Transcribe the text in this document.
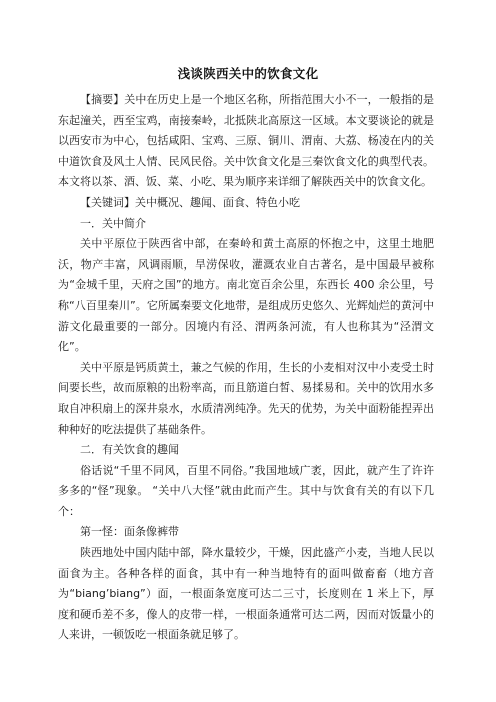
浅谈陕西关中的饮食文化

【摘要】关中在历史上是一个地区名称，所指范围大小不一，一般指的是东起潼关，西至宝鸡，南接秦岭，北抵陕北高原这一区域。本文要谈论的就是以西安市为中心，包括咸阳、宝鸡、三原、铜川、渭南、大荔、杨凌在内的关中道饮食及风土人情、民风民俗。关中饮食文化是三秦饮食文化的典型代表。本文将以茶、酒、饭、菜、小吃、果为顺序来详细了解陕西关中的饮食文化。

【关键词】关中概况、趣闻、面食、特色小吃

一．关中简介

关中平原位于陕西省中部，在秦岭和黄土高原的怀抱之中，这里土地肥沃，物产丰富，风调雨顺，旱涝保收，灌溉农业自古著名，是中国最早被称为“金城千里，天府之国”的地方。南北宽百余公里，东西长 400 余公里，号称“八百里秦川”。它所属秦要文化地带，是组成历史悠久、光辉灿烂的黄河中游文化最重要的一部分。因境内有泾、渭两条河流，有人也称其为“泾渭文化”。

关中平原是钙质黄土，兼之气候的作用，生长的小麦相对汉中小麦受土时间要长些，故而原粮的出粉率高，而且筋道白皙、易揉易和。关中的饮用水多取自冲积扇上的深井泉水，水质清冽纯净。先天的优势，为关中面粉能捏弄出种种好的吃法提供了基础条件。

二．有关饮食的趣闻

俗话说“千里不同风，百里不同俗。”我国地域广袤，因此，就产生了许许多多的“怪”现象。 “关中八大怪”就由此而产生。其中与饮食有关的有以下几个：

第一怪：面条像裤带

陕西地处中国内陆中部，降水量较少，干燥，因此盛产小麦，当地人民以面食为主。各种各样的面食，其中有一种当地特有的面叫做畜畜（地方音为“biang’biang”）面，一根面条宽度可达二三寸，长度则在 1 米上下，厚度和硬币差不多，像人的皮带一样，一根面条通常可达二两，因而对饭量小的人来讲，一顿饭吃一根面条就足够了。
